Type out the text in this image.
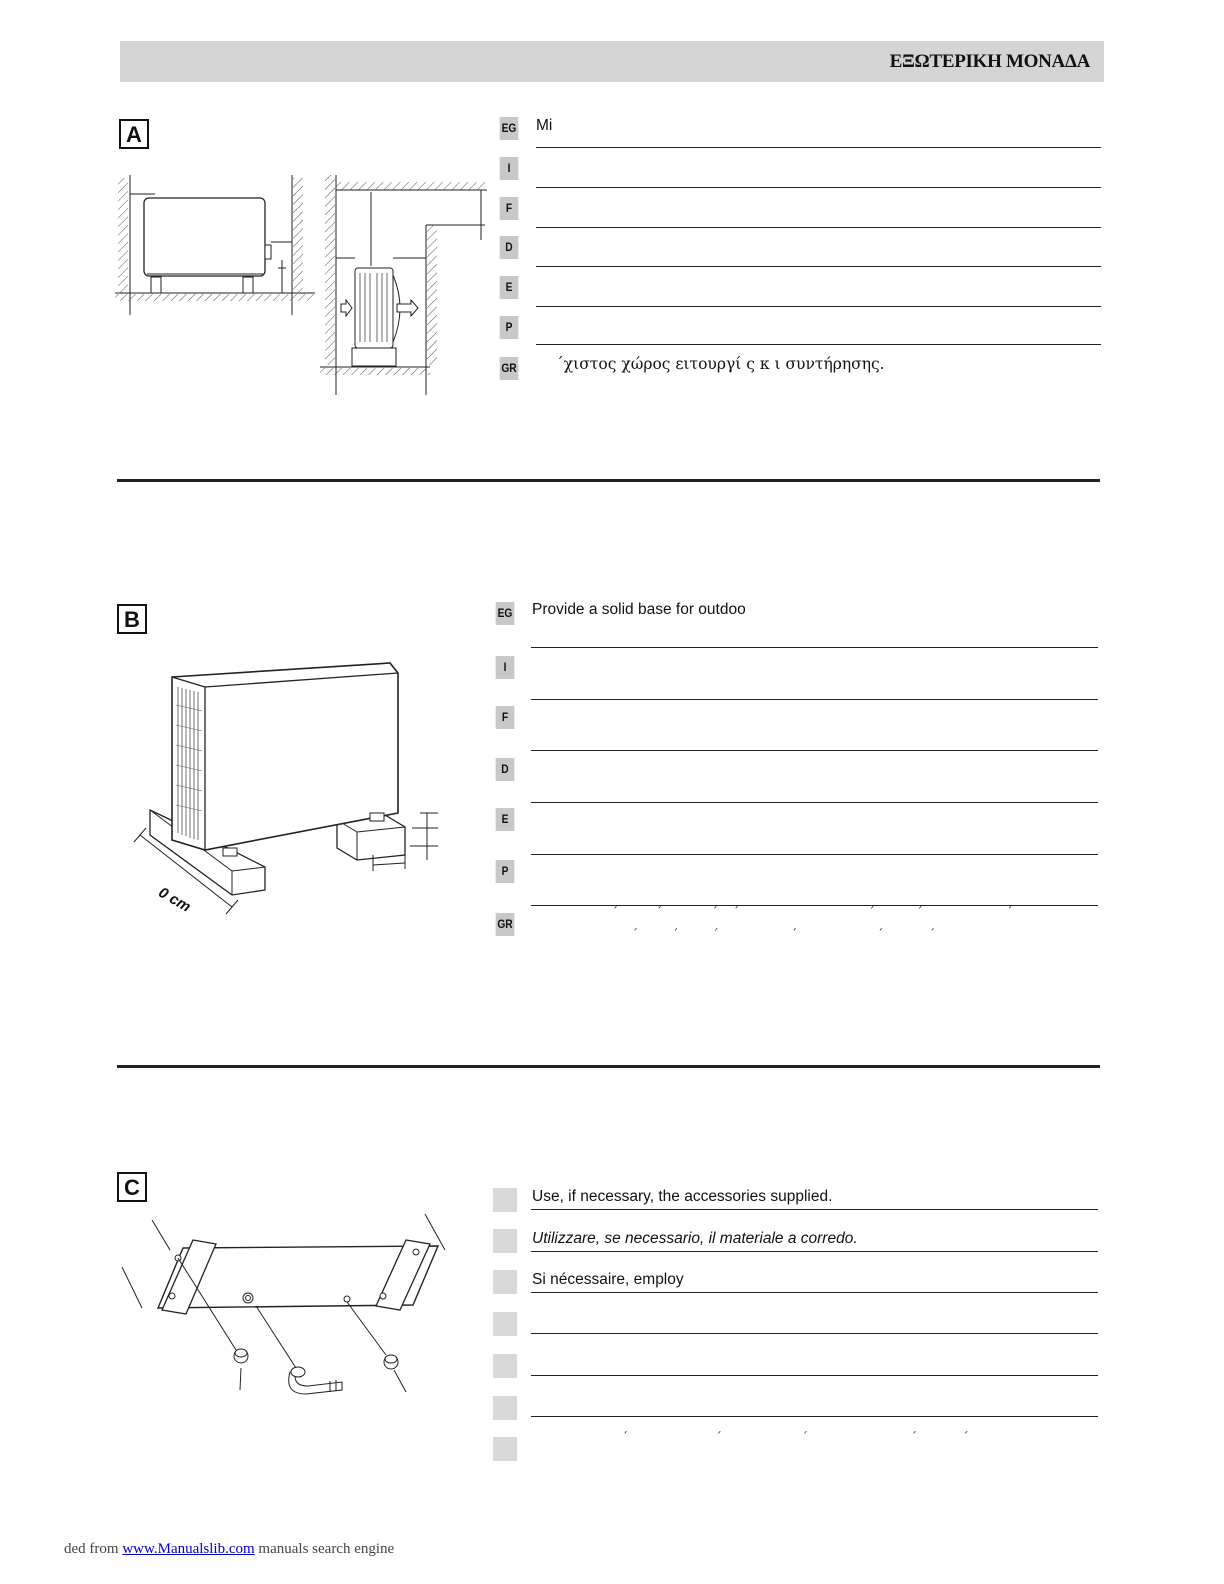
ΕΞΩΤΕΡΙΚΗ ΜΟΝΑΔΑ
A	EG
I
F
D
E
P
GR
Mi
΄χιστος χώρος ειτουργί ς κ ι συντήρησης.
B
0 cm
EG
I
F
D
E
P
GR
Provide a solid base for outdoo
΄          ΄             ΄    ΄                                  ΄           ΄                      ΄
΄         ΄         ΄                   ΄                     ΄            ΄
C	Use, if necessary, the accessories supplied.
Utilizzare, se necessario, il materiale a corredo.
Si nécessaire, employ
΄                       ΄                     ΄                           ΄            ΄
ded from www.Manualslib.com manuals search engine
